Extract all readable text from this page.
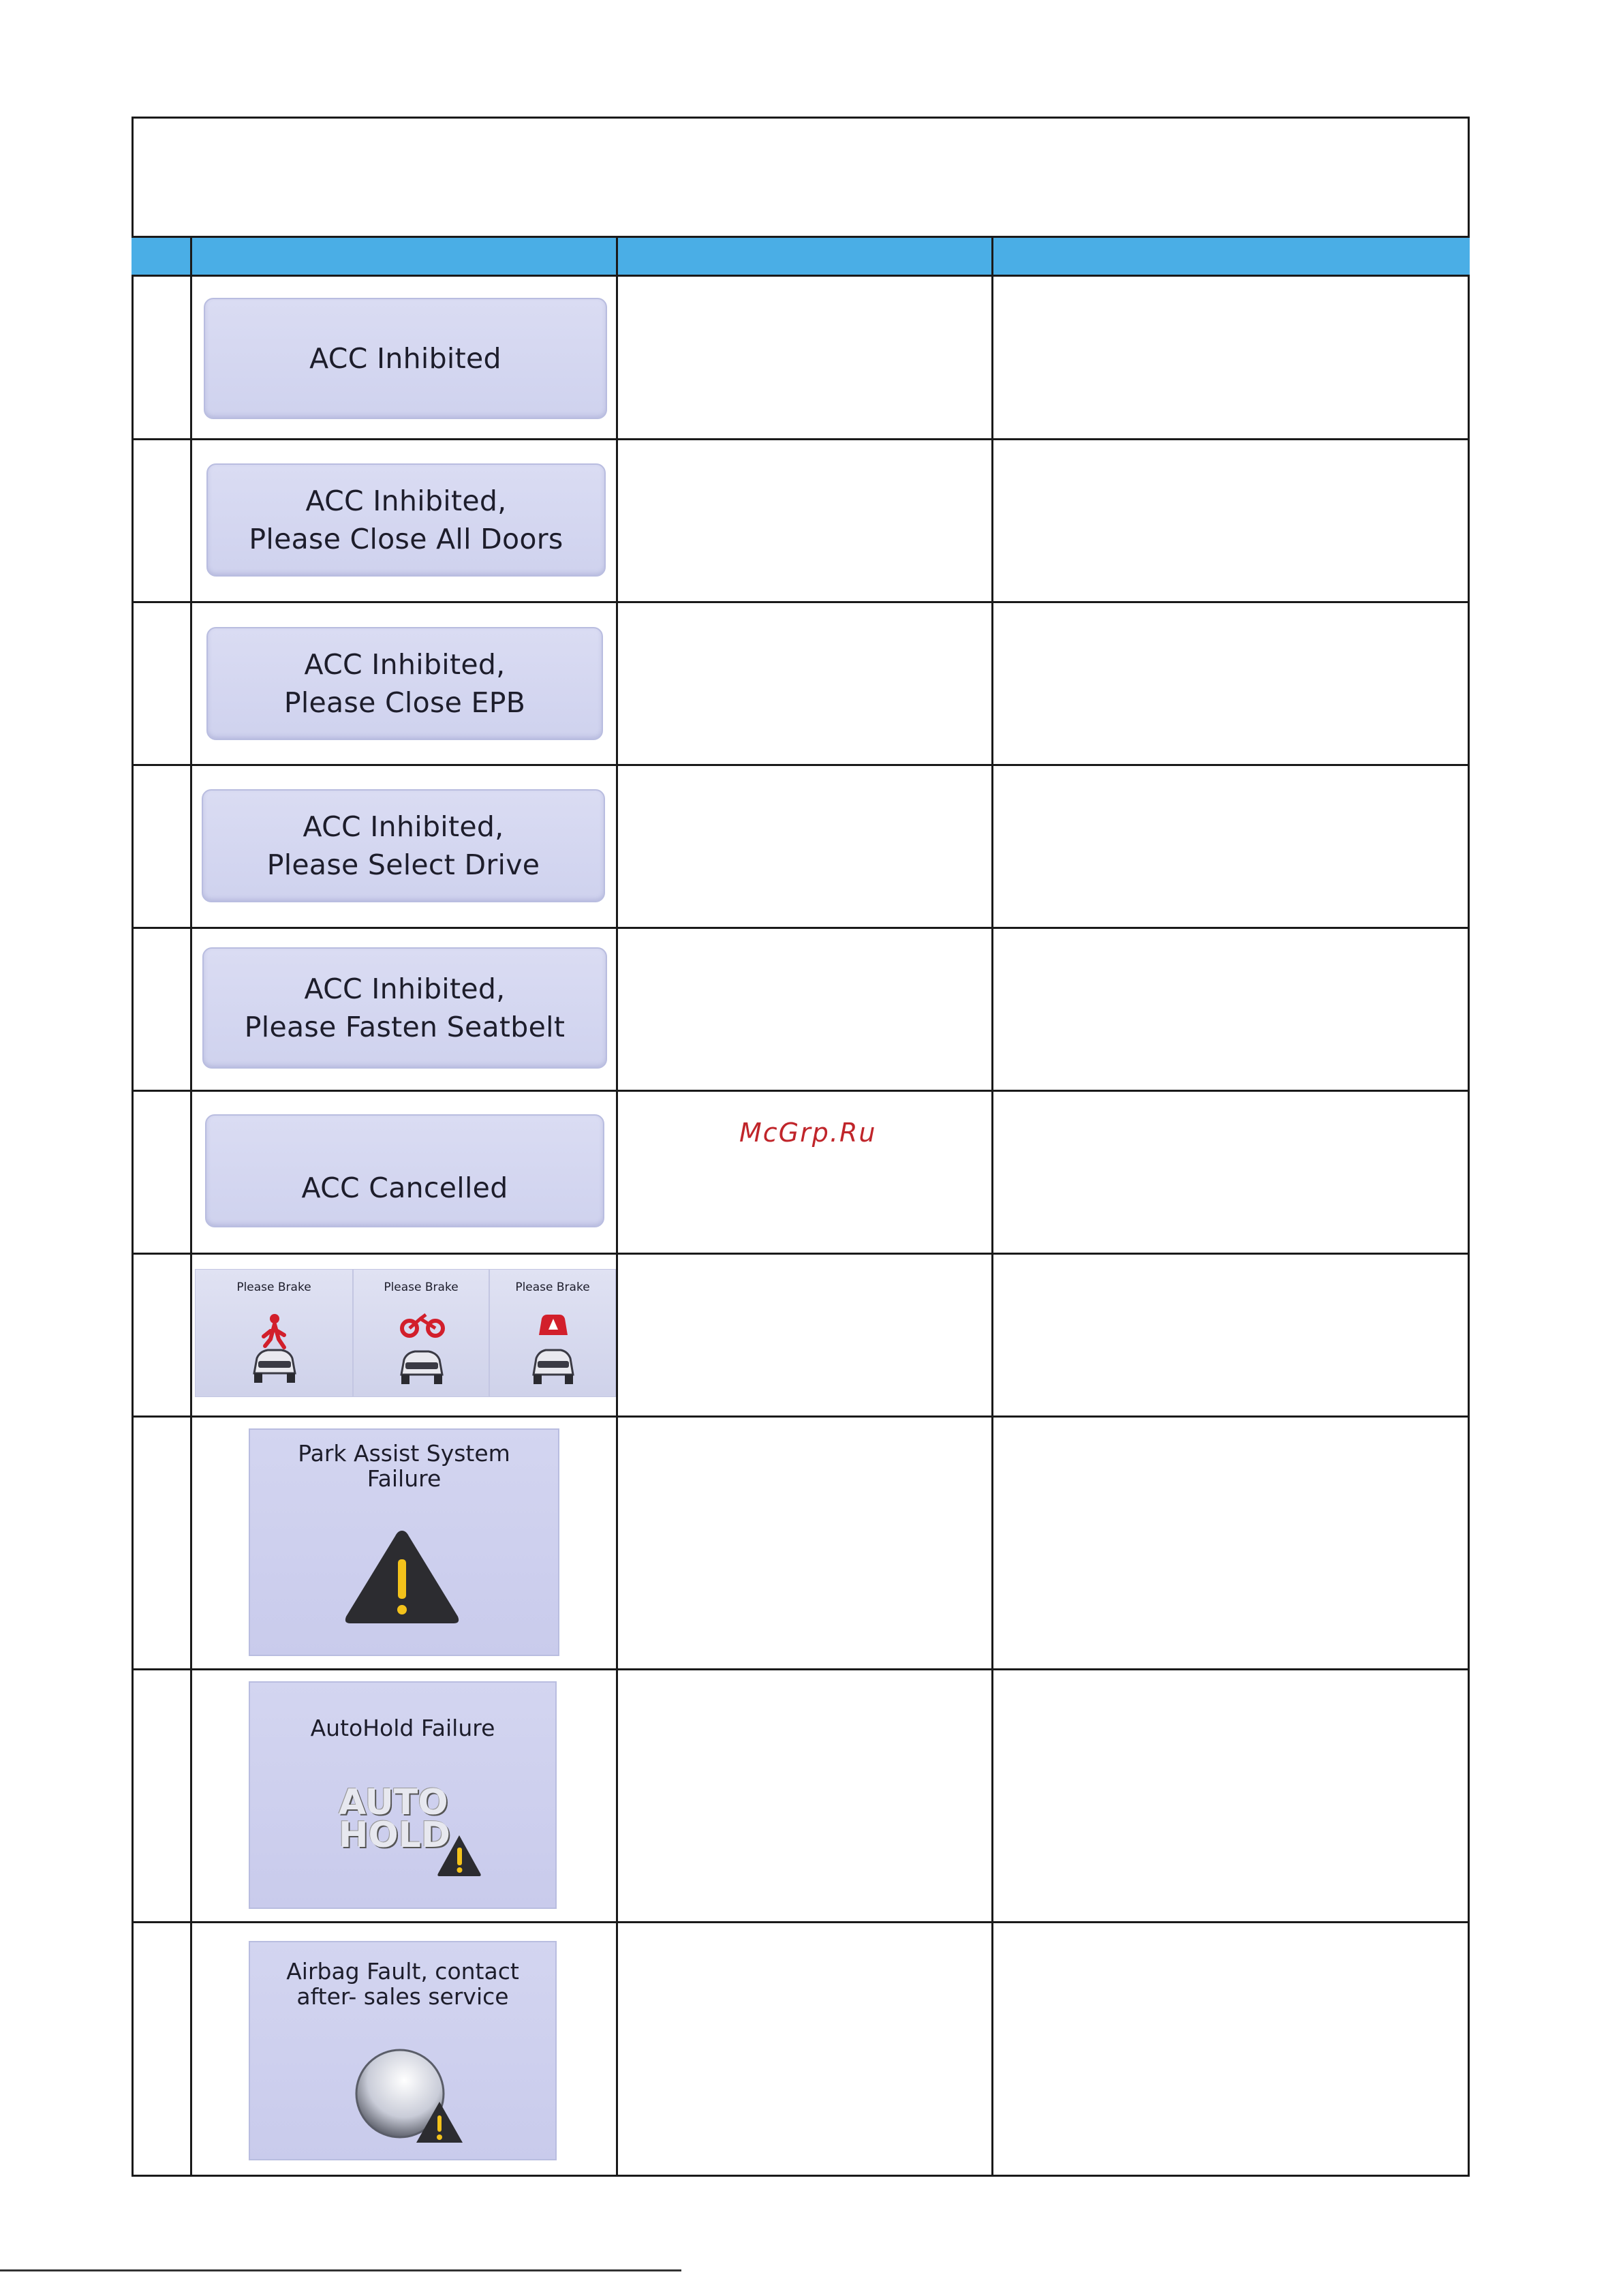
ACC Inhibited
ACC Inhibited,
Please Close All Doors
ACC Inhibited,
Please Close EPB
ACC Inhibited,
Please Select Drive
ACC Inhibited,
Please Fasten Seatbelt
ACC Cancelled
McGrp.Ru
Please Brake	Please Brake	Please Brake
Park Assist System
Failure
AutoHold Failure
AUTO
HOLD
Airbag Fault, contact
after- sales service
